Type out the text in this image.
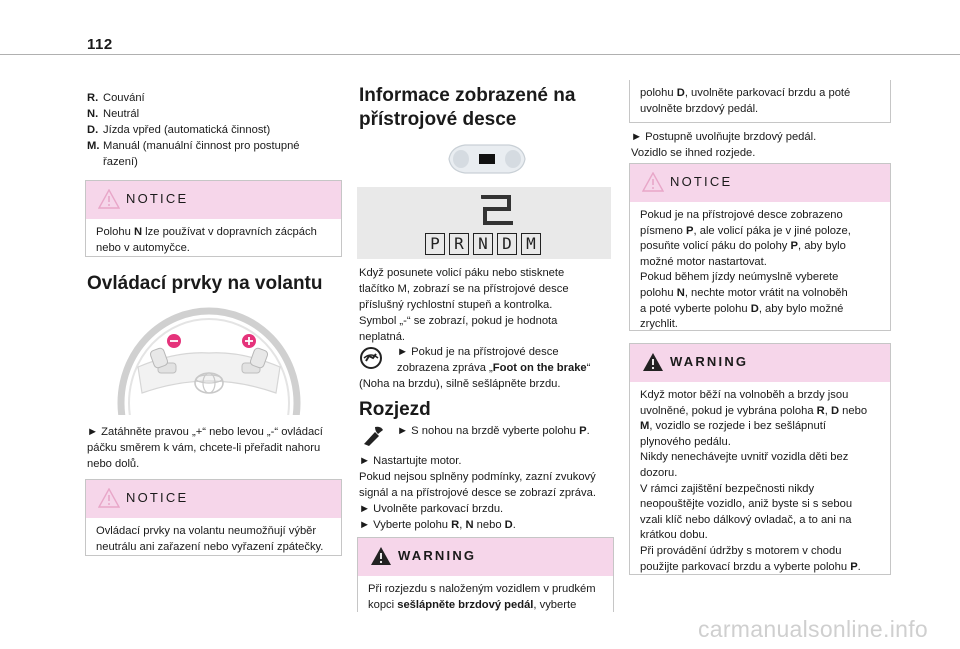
112
R. Couvání
N. Neutrál
D. Jízda vpřed (automatická činnost)
M. Manuál (manuální činnost pro postupné
řazení)
NOTICE
Polohu N lze používat v dopravních zácpách
nebo v automyčce.
Ovládací prvky na volantu
► Zatáhněte pravou „+“ nebo levou „-“ ovládací
páčku směrem k vám, chcete-li přeřadit nahoru
nebo dolů.
NOTICE
Ovládací prvky na volantu neumožňují výběr
neutrálu ani zařazení nebo vyřazení zpátečky.
Informace zobrazené na
přístrojové desce
2
P R N D M
Když posunete volicí páku nebo stisknete
tlačítko M, zobrazí se na přístrojové desce
příslušný rychlostní stupeň a kontrolka.
Symbol „-“ se zobrazí, pokud je hodnota
neplatná.
► Pokud je na přístrojové desce
zobrazena zpráva „Foot on the brake“
(Noha na brzdu), silně sešlápněte brzdu.
Rozjezd
► S nohou na brzdě vyberte polohu P.
► Nastartujte motor.
Pokud nejsou splněny podmínky, zazní zvukový
signál a na přístrojové desce se zobrazí zpráva.
► Uvolněte parkovací brzdu.
► Vyberte polohu R, N nebo D.
WARNING
Při rozjezdu s naloženým vozidlem v prudkém
kopci sešlápněte brzdový pedál, vyberte
polohu D, uvolněte parkovací brzdu a poté
uvolněte brzdový pedál.
► Postupně uvolňujte brzdový pedál.
Vozidlo se ihned rozjede.
NOTICE
Pokud je na přístrojové desce zobrazeno
písmeno P, ale volicí páka je v jiné poloze,
posuňte volicí páku do polohy P, aby bylo
možné motor nastartovat.
Pokud během jízdy neúmyslně vyberete
polohu N, nechte motor vrátit na volnoběh
a poté vyberte polohu D, aby bylo možné
zrychlit.
WARNING
Když motor běží na volnoběh a brzdy jsou
uvolněné, pokud je vybrána poloha R, D nebo
M, vozidlo se rozjede i bez sešlápnutí
plynového pedálu.
Nikdy nenechávejte uvnitř vozidla děti bez
dozoru.
V rámci zajištění bezpečnosti nikdy
neopouštějte vozidlo, aniž byste si s sebou
vzali klíč nebo dálkový ovladač, a to ani na
krátkou dobu.
Při provádění údržby s motorem v chodu
použijte parkovací brzdu a vyberte polohu P.
carmanualsonline.info
